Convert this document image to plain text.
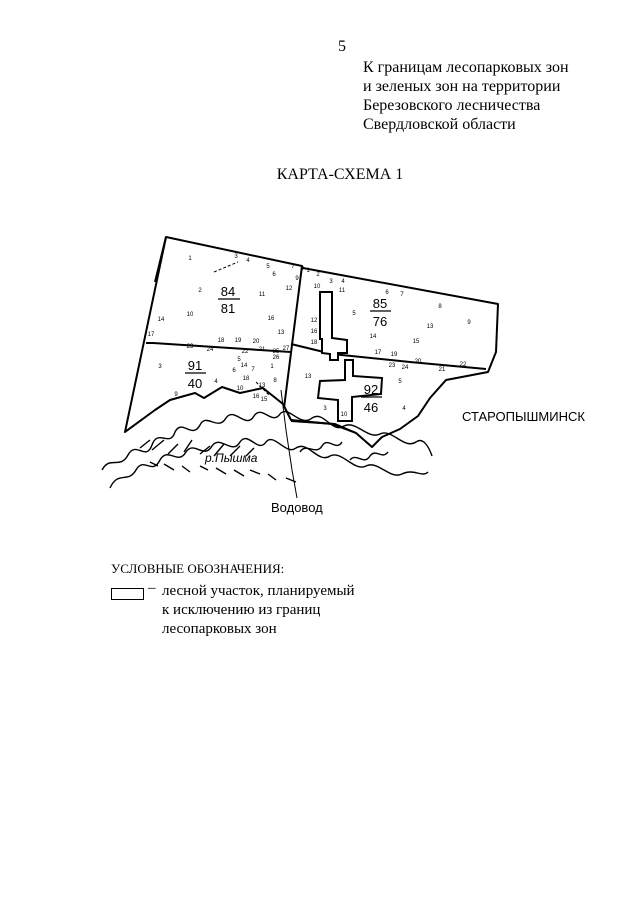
5
К границам лесопарковых зон
и зеленых зон на территории
Березовского лесничества
Свердловской области
КАРТА-СХЕМА 1
84
81	85
76
91
40	92
46
1
2
3
4
5
6
7 8
9
10
11
12
13
14	16
18 19 20
21
22
23 24	25
26
27
17
1
2
3 4
5
6 7
8
9
10
11
12
13
14
15
16
17
18
19
20
21
22
23 24
1
3
4
5
6	7
8
9
10	13
14
15
16
18
3	4
5
10
13
СТАРОПЫШМИНСК
р.Пышма
Водовод
УСЛОВНЫЕ ОБОЗНАЧЕНИЯ:
– лесной участок, планируемый
к исключению из границ
лесопарковых зон
